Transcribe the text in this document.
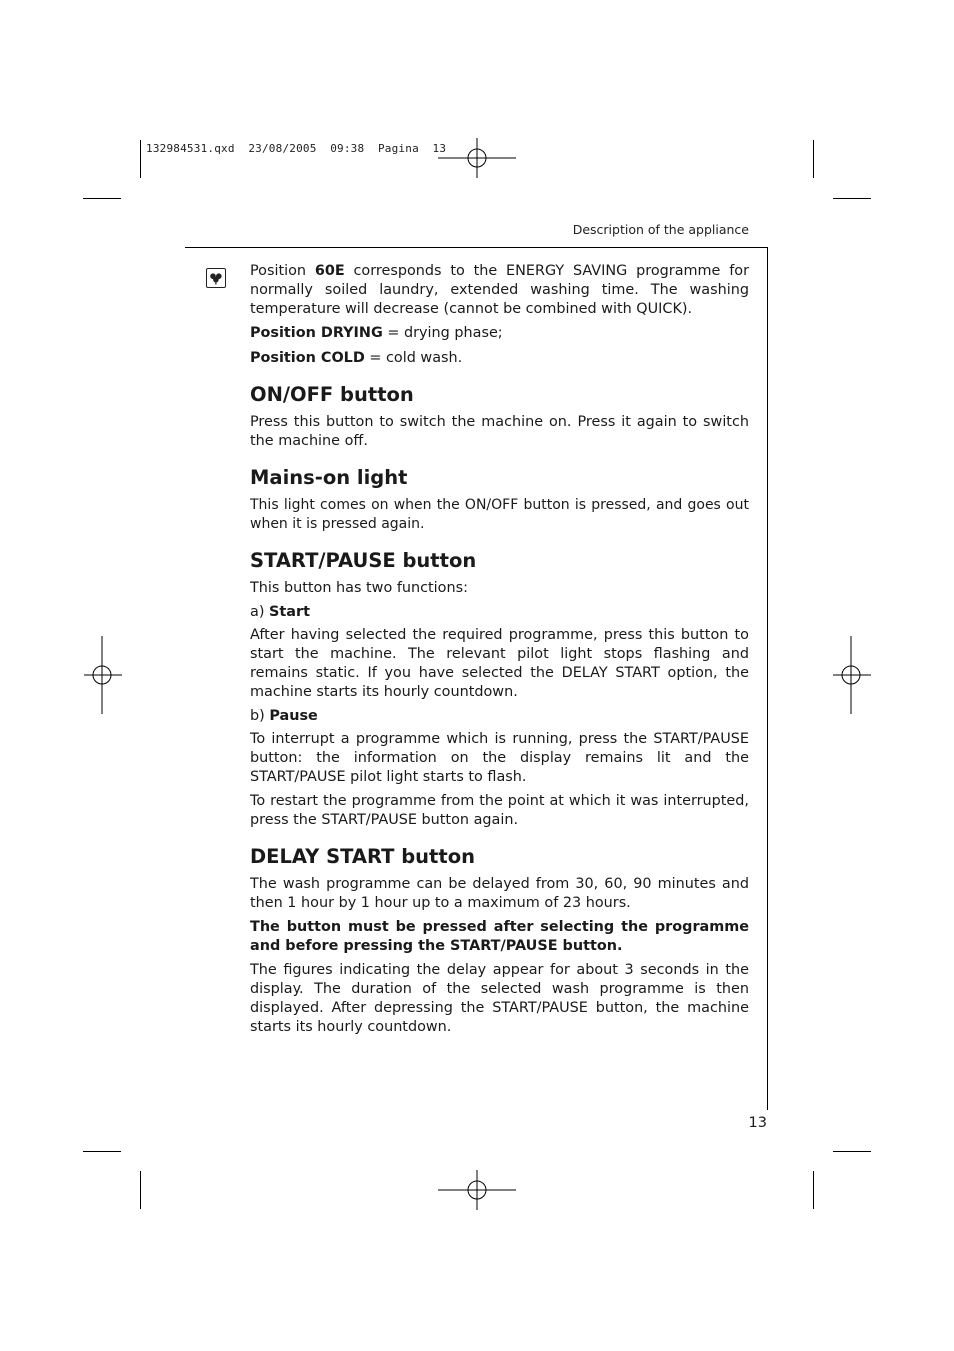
132984531.qxd  23/08/2005  09:38  Pagina  13
Description of the appliance

Position 60E corresponds to the ENERGY SAVING programme for normally soiled laundry, extended washing time. The washing temperature will decrease (cannot be combined with QUICK).

Position DRYING = drying phase;

Position COLD = cold wash.

ON/OFF button

Press this button to switch the machine on. Press it again to switch the machine off.

Mains-on light

This light comes on when the ON/OFF button is pressed, and goes out when it is pressed again.

START/PAUSE button

This button has two functions:

a) Start

After having selected the required programme, press this button to start the machine. The relevant pilot light stops flashing and remains static. If you have selected the DELAY START option, the machine starts its hourly countdown.

b) Pause

To interrupt a programme which is running, press the START/PAUSE button: the information on the display remains lit and the START/PAUSE pilot light starts to flash.

To restart the programme from the point at which it was interrupted, press the START/PAUSE button again.

DELAY START button

The wash programme can be delayed from 30, 60, 90 minutes and then 1 hour by 1 hour up to a maximum of 23 hours.

The button must be pressed after selecting the programme and before pressing the START/PAUSE button.

The figures indicating the delay appear for about 3 seconds in the display. The duration of the selected wash programme is then displayed. After depressing the START/PAUSE button, the machine starts its hourly countdown.

13
